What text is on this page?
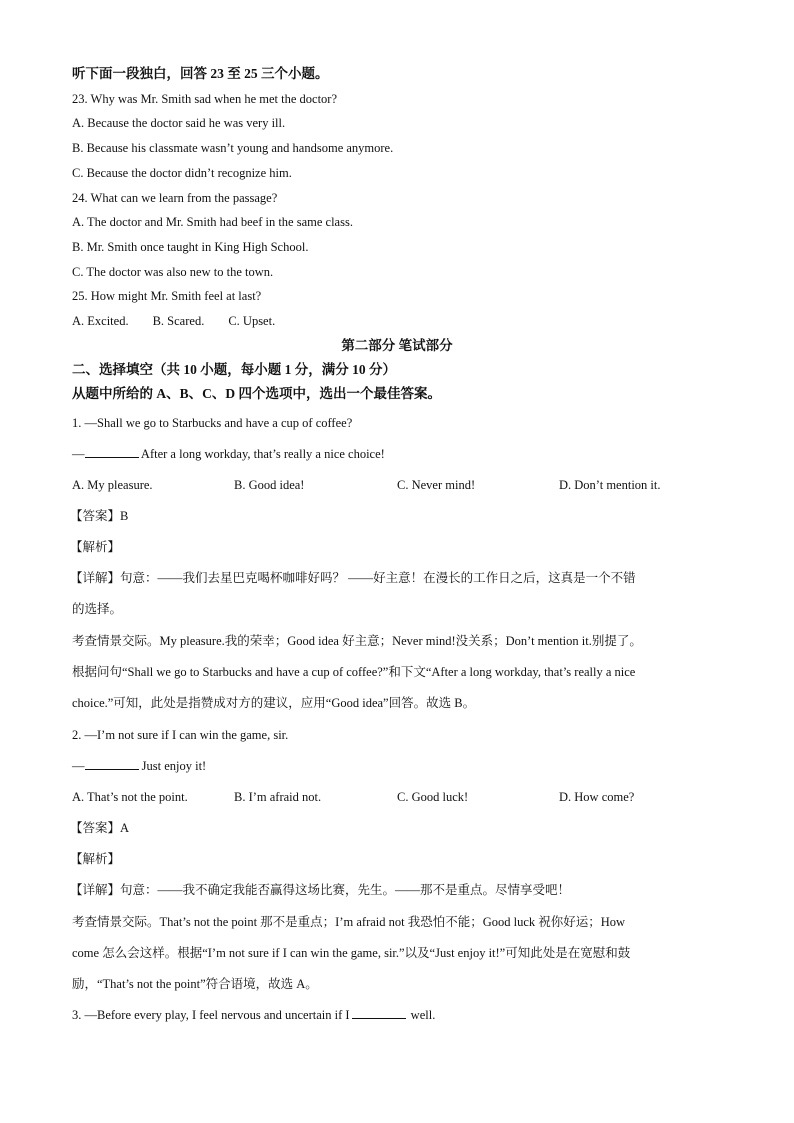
听下面一段独白，回答 23 至 25 三个小题。
23. Why was Mr. Smith sad when he met the doctor?
A. Because the doctor said he was very ill.
B. Because his classmate wasn’t young and handsome anymore.
C. Because the doctor didn’t recognize him.
24. What can we learn from the passage?
A. The doctor and Mr. Smith had beef in the same class.
B. Mr. Smith once taught in King High School.
C. The doctor was also new to the town.
25. How might Mr. Smith feel at last?
A. Excited. B. Scared. C. Upset.
第二部分 笔试部分
二、选择填空（共 10 小题，每小题 1 分，满分 10 分）
从题中所给的 A、B、C、D 四个选项中，选出一个最佳答案。
1. —Shall we go to Starbucks and have a cup of coffee?
—	After a long workday, that’s really a nice choice!
A. My pleasure.	B. Good idea!	C. Never mind!	D. Don’t mention it.
【答案】B
【解析】
【详解】句意：——我们去星巴克喝杯咖啡好吗？ ——好主意！在漫长的工作日之后，这真是一个不错
的选择。
考查情景交际。My pleasure.我的荣幸；Good idea 好主意；Never mind!没关系；Don’t mention it.别提了。
根据问句“Shall we go to Starbucks and have a cup of coffee?”和下文“After a long workday, that’s really a nice
choice.”可知，此处是指赞成对方的建议，应用“Good idea”回答。故选 B。
2. —I’m not sure if I can win the game, sir.
—	Just enjoy it!
A. That’s not the point.	B. I’m afraid not.	C. Good luck!	D. How come?
【答案】A
【解析】
【详解】句意：——我不确定我能否赢得这场比赛，先生。——那不是重点。尽情享受吧！
考查情景交际。That’s not the point 那不是重点；I’m afraid not 我恐怕不能；Good luck 祝你好运；How
come 怎么会这样。根据“I’m not sure if I can win the game, sir.”以及“Just enjoy it!”可知此处是在宽慰和鼓
励，“That’s not the point”符合语境，故选 A。
3. —Before every play, I feel nervous and uncertain if I	well.
